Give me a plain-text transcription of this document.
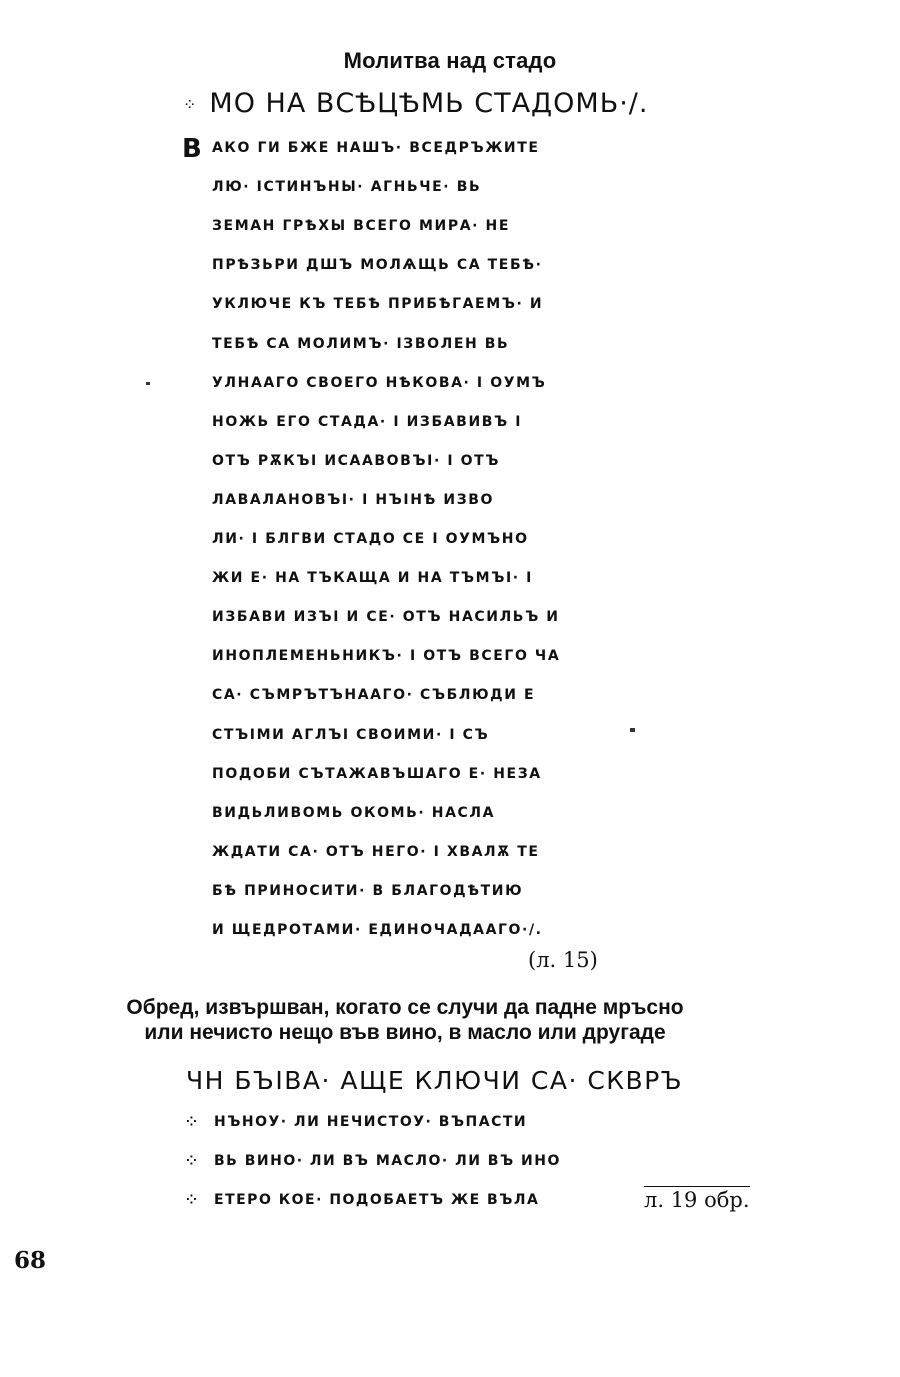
Молитва над стадо
⁘ МО НА ВСѢЦѢМЬ СТАДОМЬ·/.
В АКО ГИ БЖЕ НАШЪ· ВСЕДРЪЖИТЕ
ЛЮ· ІСТИНЪНЫ· АГНЬЧЕ· ВЬ
ЗЕМАН ГРѢХЫ ВСЕГО МИРА· НЕ
ПРѢЗЬРИ ДШЪ МОЛѦЩЬ СА ТЕБѢ·
УКЛЮЧЕ КЪ ТЕБѢ ПРИБѢГАЕМЪ· И
ТЕБѢ СА МОЛИМЪ· ІЗВОЛЕН ВЬ
УЛНААГО СВОЕГО НѢКОВА· І ОУМЪ
НОЖЬ ЕГО СТАДА· І ИЗБАВИВЪ І
ОТЪ РѪКЪІ ИСААВОВЪІ· І ОТЪ
ЛАВАЛАНОВЪІ· І НЪІНѢ ИЗВО
ЛИ· І БЛГВИ СТАДО СЕ І ОУМЪНО
ЖИ Е· НА ТЪКАЩА И НА ТЪМЪІ· І
ИЗБАВИ ИЗЪІ И СЕ· ОТЪ НАСИЛЬЪ И
ИНОПЛЕМЕНЬНИКЪ· І ОТЪ ВСЕГО ЧА
СА· СЪМРЪТЪНААГО· СЪБЛЮДИ Е
СТЪІМИ АГЛЪІ СВОИМИ· І СЪ
ПОДОБИ СЪТАЖАВЪШАГО Е· НЕЗА
ВИДЬЛИВОМЬ ОКОМЬ· НАСЛА
ЖДАТИ СА· ОТЪ НЕГО· І ХВАЛѪ ТЕ
БѢ ПРИНОСИТИ· В БЛАГОДѢТИЮ
И ЩЕДРОТАМИ· ЕДИНОЧАДААГО·/.
(л. 15)
Обред, извършван, когато се случи да падне мръсно
или нечисто нещо във вино, в масло или другаде
ЧН БЪІВА· АЩЕ КЛЮЧИ СА· СКВРЪ
⁘ НЪНОУ· ЛИ НЕЧИСТОУ· ВЪПАСТИ
⁘ ВЬ ВИНО· ЛИ ВЪ МАСЛО· ЛИ ВЪ ИНО
⁘ ЕТЕРО КОЕ· ПОДОБАЕТЪ ЖЕ ВЪЛА	л. 19 обр.
68
